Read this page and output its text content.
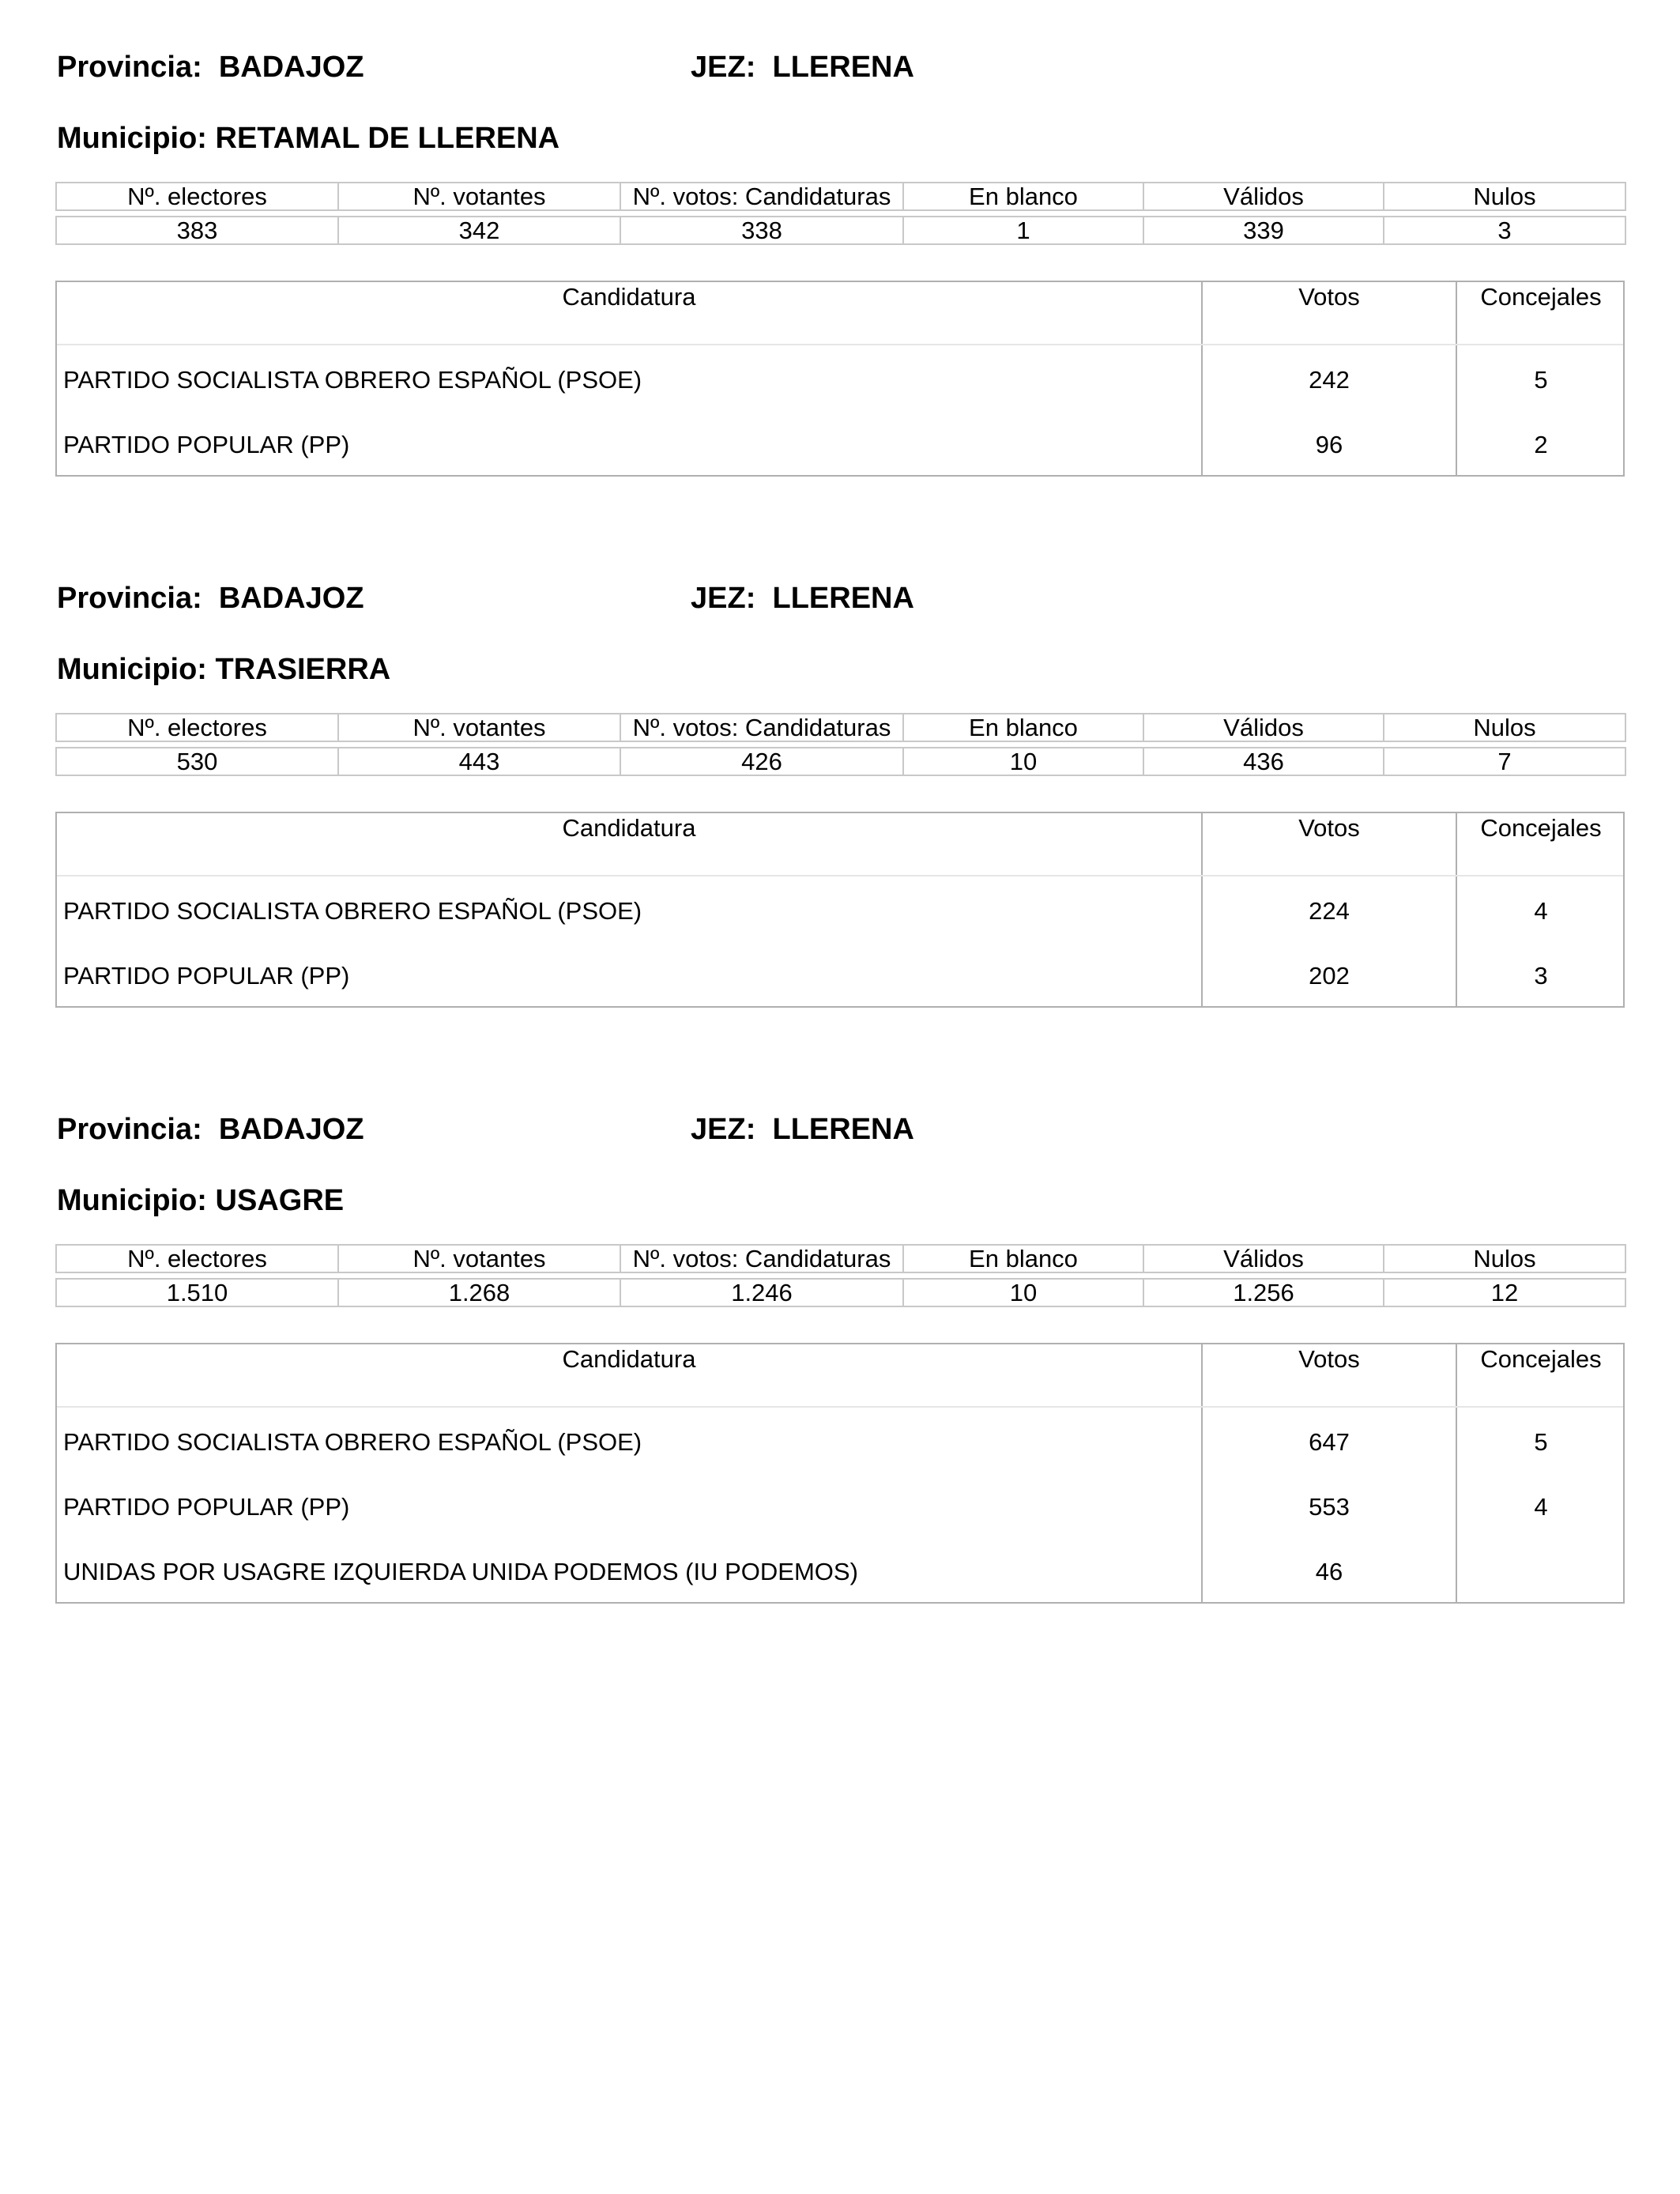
Provincia: BADAJOZ	JEZ: LLERENA
Municipio: RETAMAL DE LLERENA
Nº. electores	Nº. votantes	Nº. votos: Candidaturas	En blanco	Válidos	Nulos

383	342	338	1	339	3
Candidatura	Votos	Concejales
PARTIDO SOCIALISTA OBRERO ESPAÑOL (PSOE)	242	5
PARTIDO POPULAR (PP)	96	2
Provincia: BADAJOZ	JEZ: LLERENA
Municipio: TRASIERRA
Nº. electores	Nº. votantes	Nº. votos: Candidaturas	En blanco	Válidos	Nulos

530	443	426	10	436	7
Candidatura	Votos	Concejales
PARTIDO SOCIALISTA OBRERO ESPAÑOL (PSOE)	224	4
PARTIDO POPULAR (PP)	202	3
Provincia: BADAJOZ	JEZ: LLERENA
Municipio: USAGRE
Nº. electores	Nº. votantes	Nº. votos: Candidaturas	En blanco	Válidos	Nulos

1.510	1.268	1.246	10	1.256	12
Candidatura	Votos	Concejales
PARTIDO SOCIALISTA OBRERO ESPAÑOL (PSOE)	647	5
PARTIDO POPULAR (PP)	553	4
UNIDAS POR USAGRE IZQUIERDA UNIDA PODEMOS (IU PODEMOS)	46
